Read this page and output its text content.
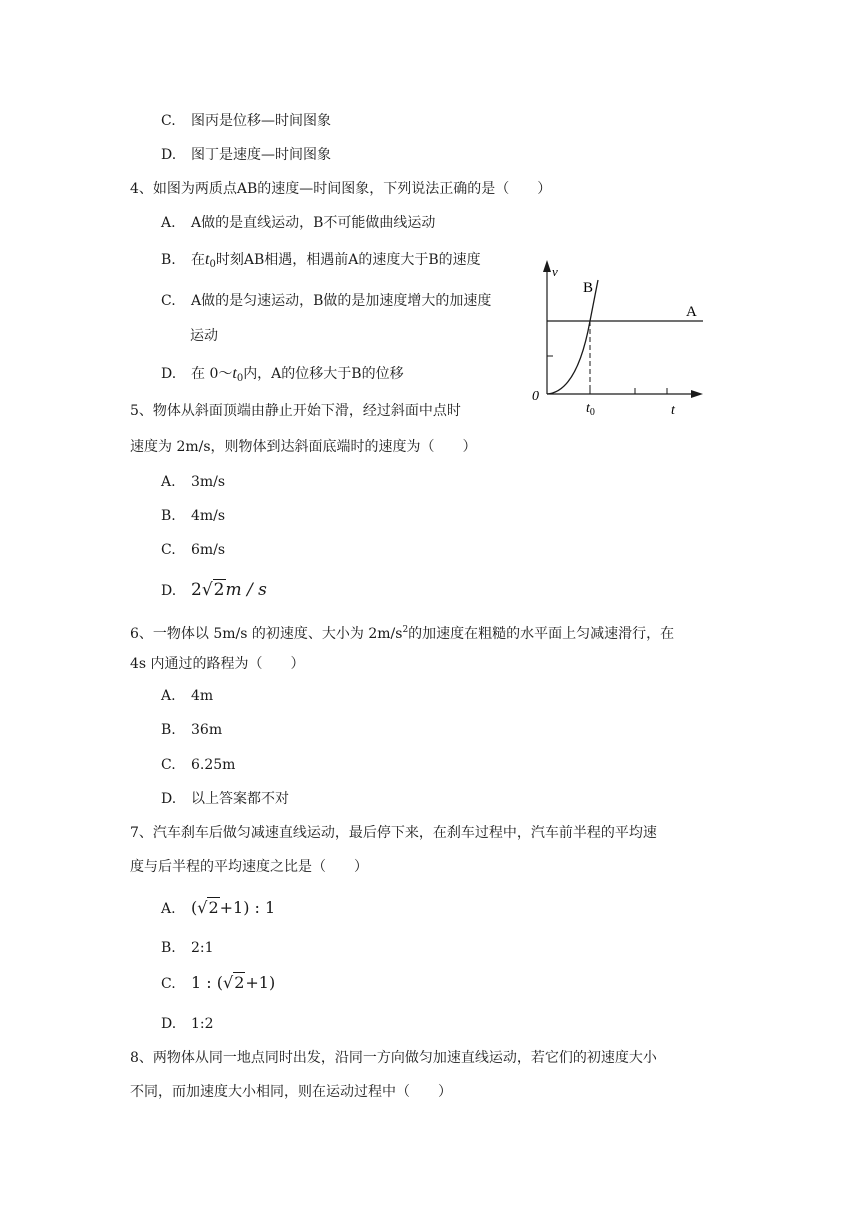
C. 图丙是位移—时间图象
D. 图丁是速度—时间图象
4、如图为两质点AB的速度—时间图象，下列说法正确的是（　　）
A. A做的是直线运动，B不可能做曲线运动
B. 在$t_0$时刻AB相遇，相遇前A的速度大于B的速度
C. A做的是匀速运动，B做的是加速度增大的加速度
运动
D. 在 $0\sim t_0$内，A的位移大于B的位移
v
B
A
0
$t_0$	t
5、物体从斜面顶端由静止开始下滑，经过斜面中点时
速度为 2m/s，则物体到达斜面底端时的速度为（　　）
A. 3m/s
B. 4m/s
C. 6m/s
D. 2√2m / s
6、一物体以 5m/s 的初速度、大小为 $2m/s^2$的加速度在粗糙的水平面上匀减速滑行，在
4s 内通过的路程为（　　）
A. 4m
B. 36m
C. 6.25m
D. 以上答案都不对
7、汽车刹车后做匀减速直线运动，最后停下来，在刹车过程中，汽车前半程的平均速
度与后半程的平均速度之比是（　　）
A. (√2+1) : 1
B. 2:1
C. 1 : (√2+1)
D. 1:2
8、两物体从同一地点同时出发，沿同一方向做匀加速直线运动，若它们的初速度大小
不同，而加速度大小相同，则在运动过程中（　　）
